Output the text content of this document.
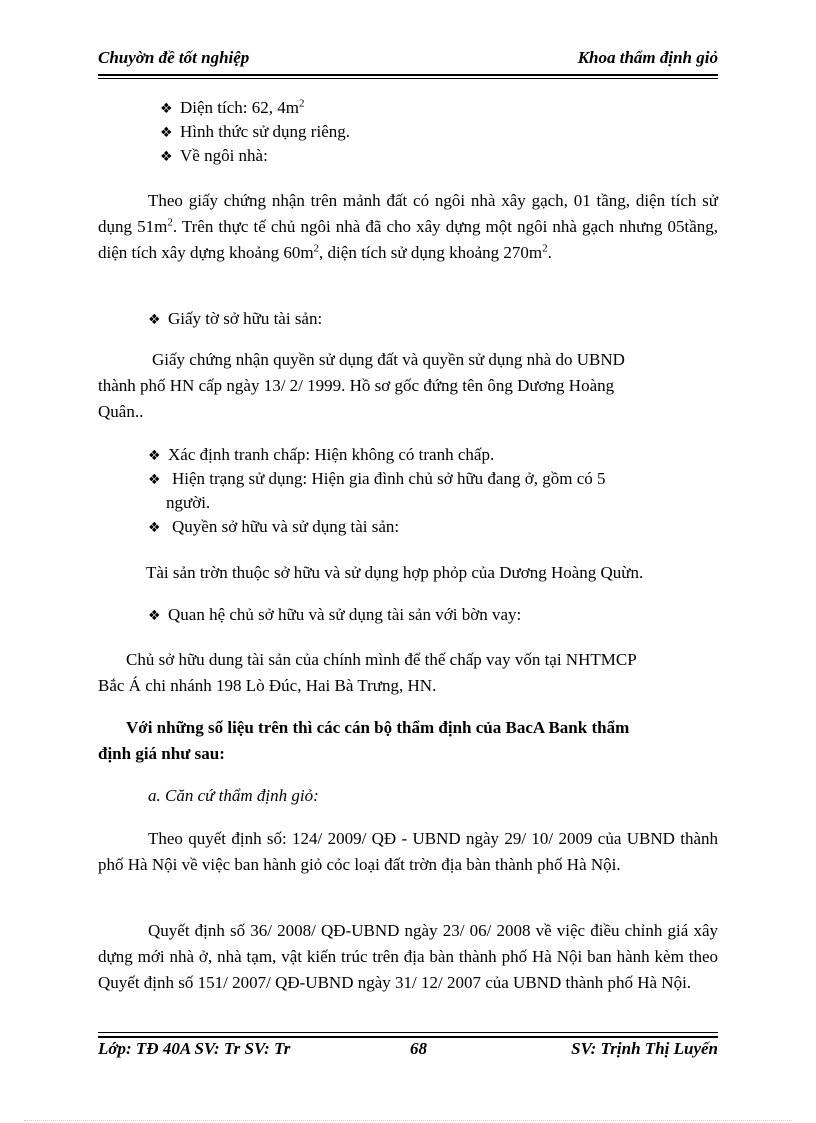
Chuyờn đề tốt nghiệp	Khoa thẩm định giỏ
❖ Diện tích: 62, $4m^2$
❖ Hình thức sử dụng riêng.
❖ Về ngôi nhà:
Theo giấy chứng nhận trên mảnh đất có ngôi nhà xây gạch, 01 tầng, diện tích sử dụng $51m^2$. Trên thực tế chủ ngôi nhà đã cho xây dựng một ngôi nhà gạch nhưng 05tầng, diện tích xây dựng khoảng $60m^2$, diện tích sử dụng khoảng $270m^2$.
❖ Giấy tờ sở hữu tài sản:
Giấy chứng nhận quyền sử dụng đất và quyền sử dụng nhà do UBND
thành phố HN cấp ngày 13/ 2/ 1999. Hồ sơ gốc đứng tên ông Dương Hoàng
Quân..
❖ Xác định tranh chấp: Hiện không có tranh chấp.
❖ Hiện trạng sử dụng: Hiện gia đình chủ sở hữu đang ở, gồm có 5
người.
❖ Quyền sở hữu và sử dụng tài sản:
Tài sản trờn thuộc sở hữu và sử dụng hợp phỏp của Dương Hoàng Quừn.
❖ Quan hệ chủ sở hữu và sử dụng tài sản với bờn vay:
Chủ sở hữu dung tài sản của chính mình để thế chấp vay vốn tại NHTMCP
Bắc Á chi nhánh 198 Lò Đúc, Hai Bà Trưng, HN.
Với những số liệu trên thì các cán bộ thẩm định của BacA Bank thẩm
định giá như sau:
a. Căn cứ thẩm định giỏ:
Theo quyết định số: 124/ 2009/ QĐ - UBND ngày 29/ 10/ 2009 của UBND thành phố Hà Nội về việc ban hành giỏ cỏc loại đất trờn địa bàn thành phố Hà Nội.
Quyết định số 36/ 2008/ QĐ-UBND ngày 23/ 06/ 2008 về việc điều chỉnh giá xây dựng mới nhà ở, nhà tạm, vật kiến trúc trên địa bàn thành phố Hà Nội ban hành kèm theo Quyết định số 151/ 2007/ QĐ-UBND ngày 31/ 12/ 2007 của UBND thành phố Hà Nội.
Lớp: TĐ 40A SV: Tr SV: Tr	68	SV: Trịnh Thị Luyến
